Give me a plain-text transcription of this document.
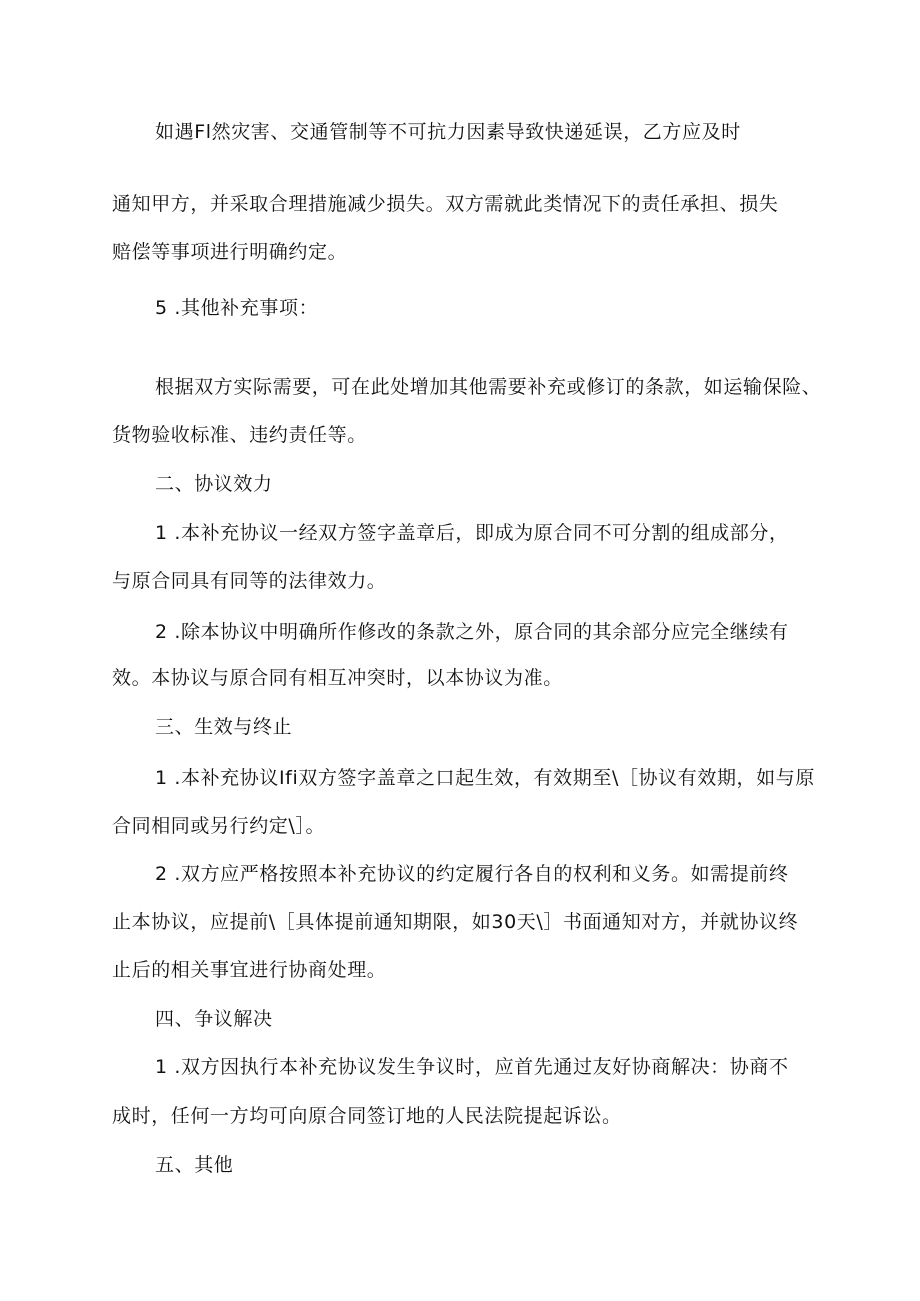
如遇Fl然灾害、交通管制等不可抗力因素导致快递延误，乙方应及时
通知甲方，并采取合理措施减少损失。双方需就此类情况下的责任承担、损失
赔偿等事项进行明确约定。
5 .其他补充事项：
根据双方实际需要，可在此处增加其他需要补充或修订的条款，如运输保险、
货物验收标准、违约责任等。
二、协议效力
1 .本补充协议一经双方签字盖章后，即成为原合同不可分割的组成部分，
与原合同具有同等的法律效力。
2 .除本协议中明确所作修改的条款之外，原合同的其余部分应完全继续有
效。本协议与原合同有相互冲突时，以本协议为准。
三、生效与终止
1 .本补充协议Ifi双方签字盖章之口起生效，有效期至\［协议有效期，如与原
合同相同或另行约定\］。
2 .双方应严格按照本补充协议的约定履行各自的权利和义务。如需提前终
止本协议，应提前\［具体提前通知期限，如30天\］书面通知对方，并就协议终
止后的相关事宜进行协商处理。
四、争议解决
1 .双方因执行本补充协议发生争议时，应首先通过友好协商解决：协商不
成时，任何一方均可向原合同签订地的人民法院提起诉讼。
五、其他
